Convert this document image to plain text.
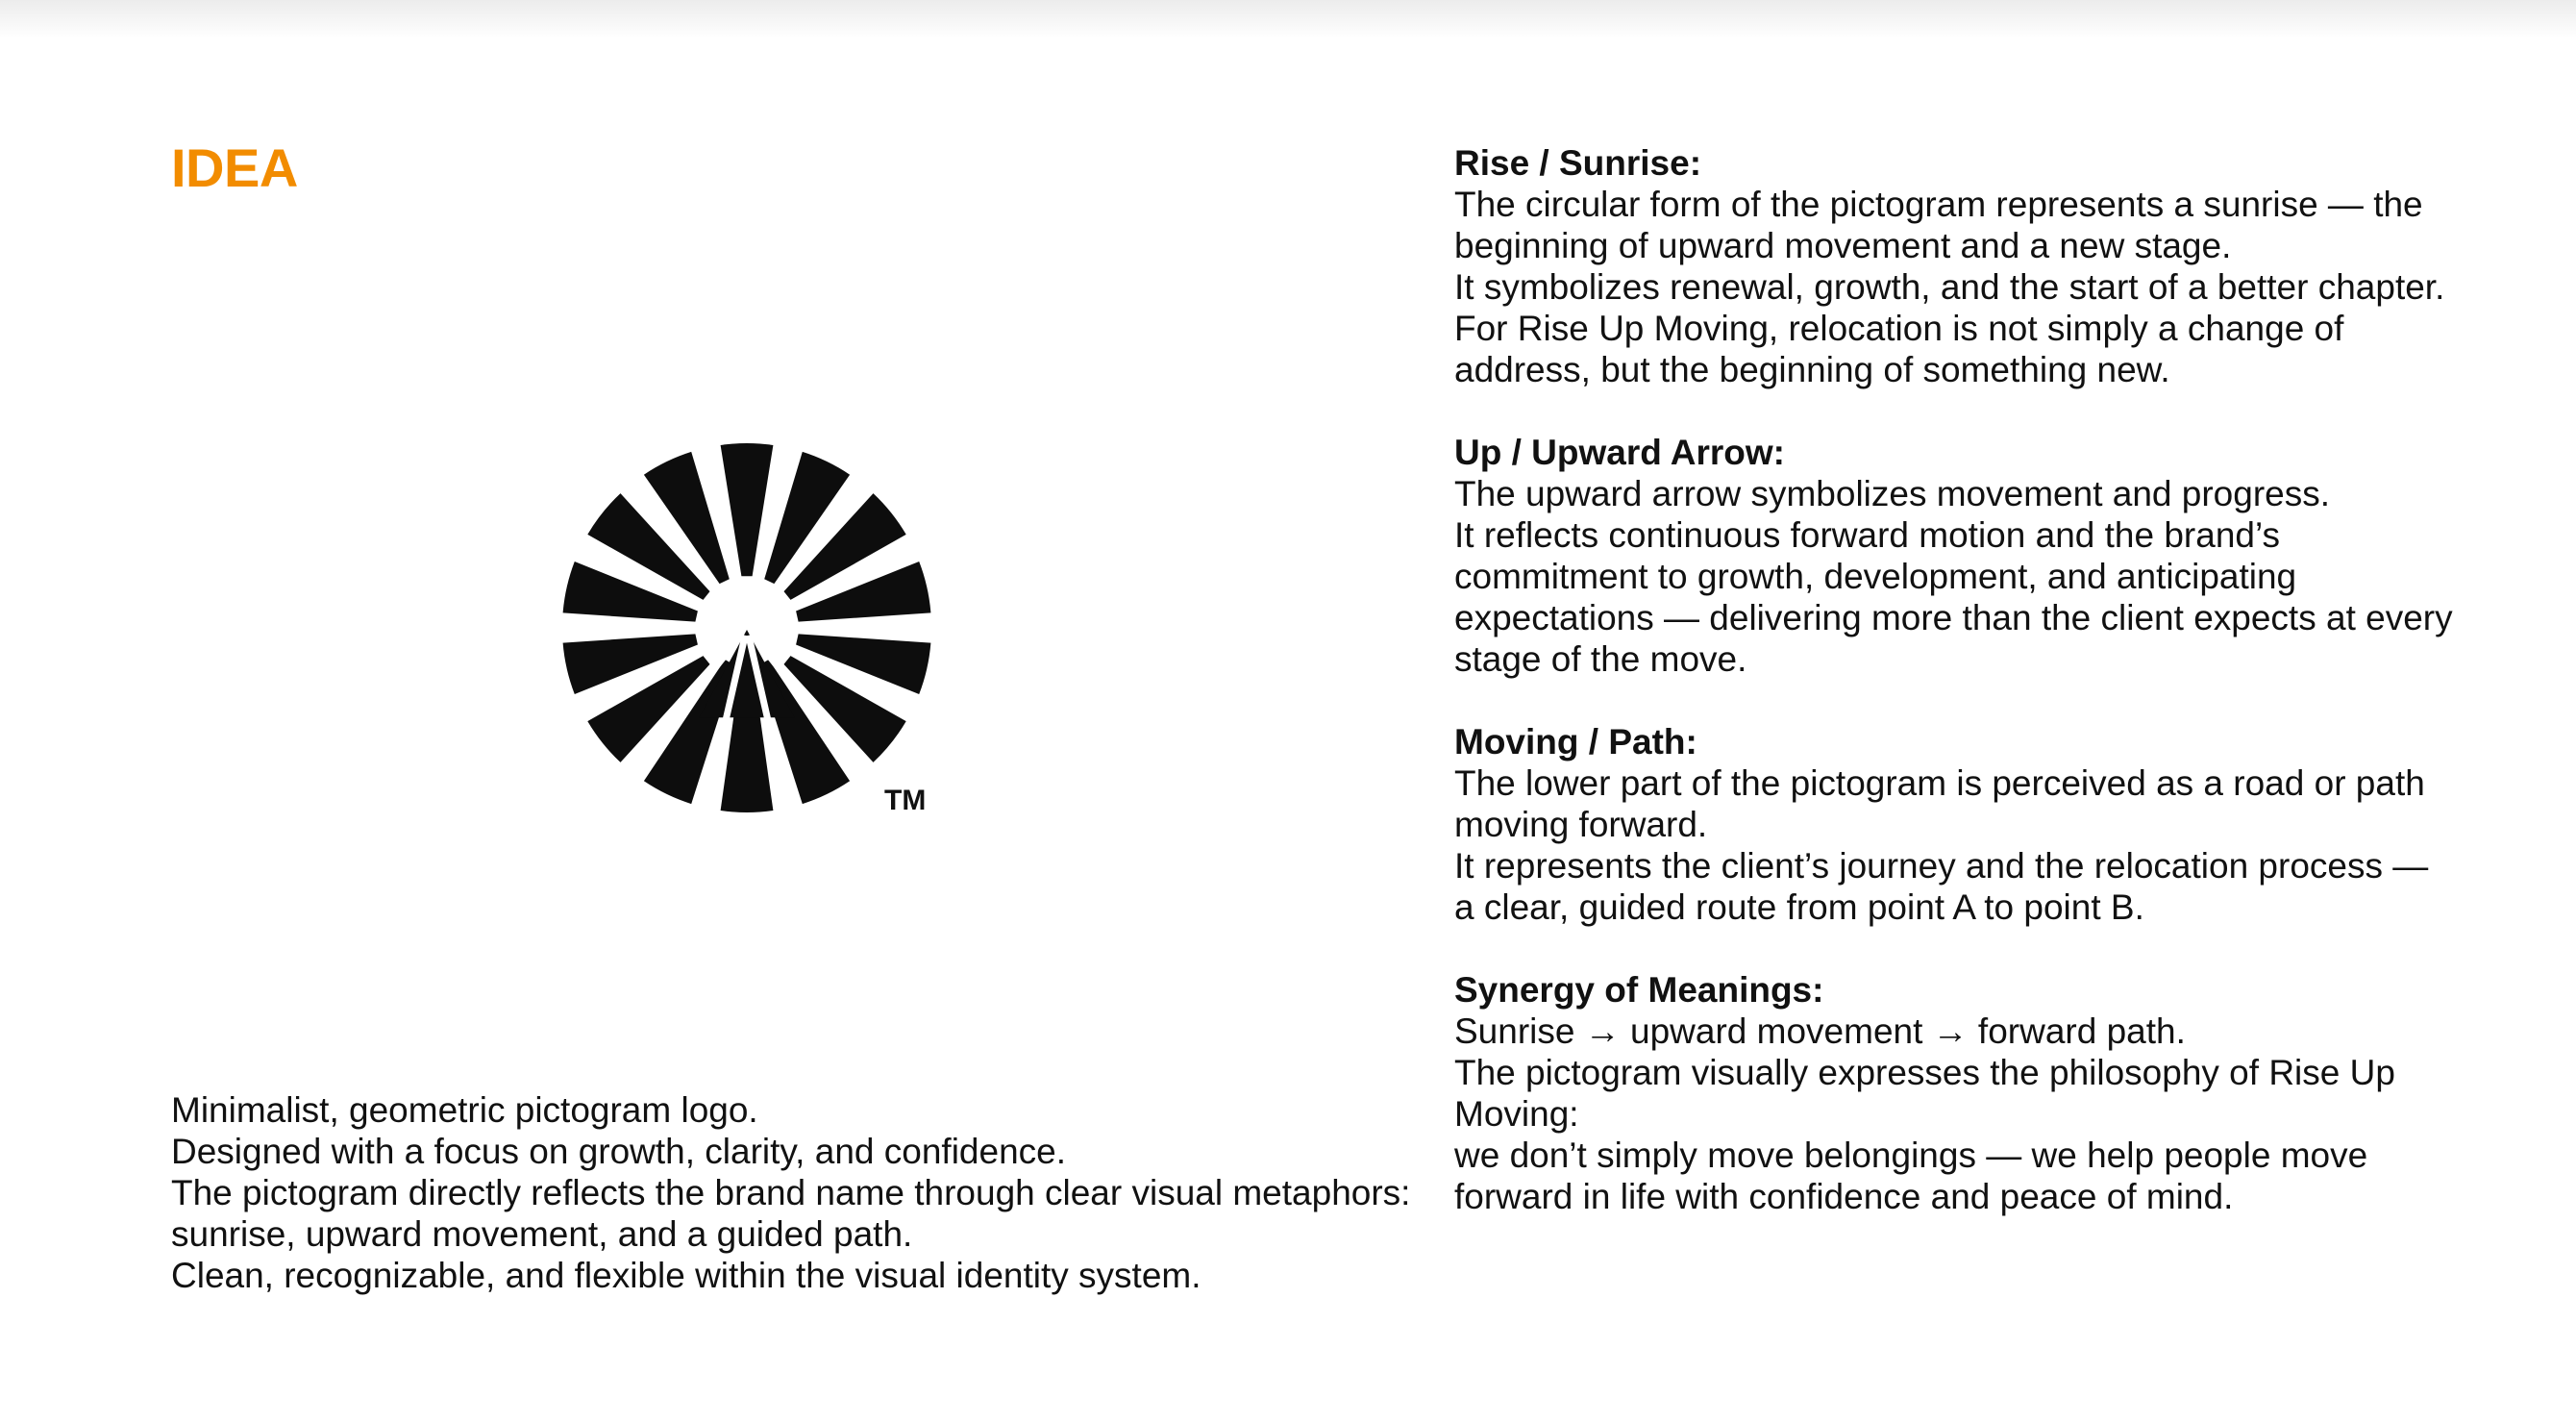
IDEA
TM

Minimalist, geometric pictogram logo.

Designed with a focus on growth, clarity, and confidence.

The pictogram directly reflects the brand name through clear visual metaphors: sunrise, upward movement, and a guided path.

Clean, recognizable, and flexible within the visual identity system.

Rise / Sunrise:

The circular form of the pictogram represents a sunrise — the beginning of upward movement and a new stage.

It symbolizes renewal, growth, and the start of a better chapter.

For Rise Up Moving, relocation is not simply a change of address, but the beginning of something new.

Up / Upward Arrow:

The upward arrow symbolizes movement and progress.

It reflects continuous forward motion and the brand’s commitment to growth, development, and anticipating expectations — delivering more than the client expects at every stage of the move.

Moving / Path:

The lower part of the pictogram is perceived as a road or path moving forward.

It represents the client’s journey and the relocation process — a clear, guided route from point A to point B.

Synergy of Meanings:

Sunrise → upward movement → forward path.

The pictogram visually expresses the philosophy of Rise Up Moving:

we don’t simply move belongings — we help people move forward in life with confidence and peace of mind.
